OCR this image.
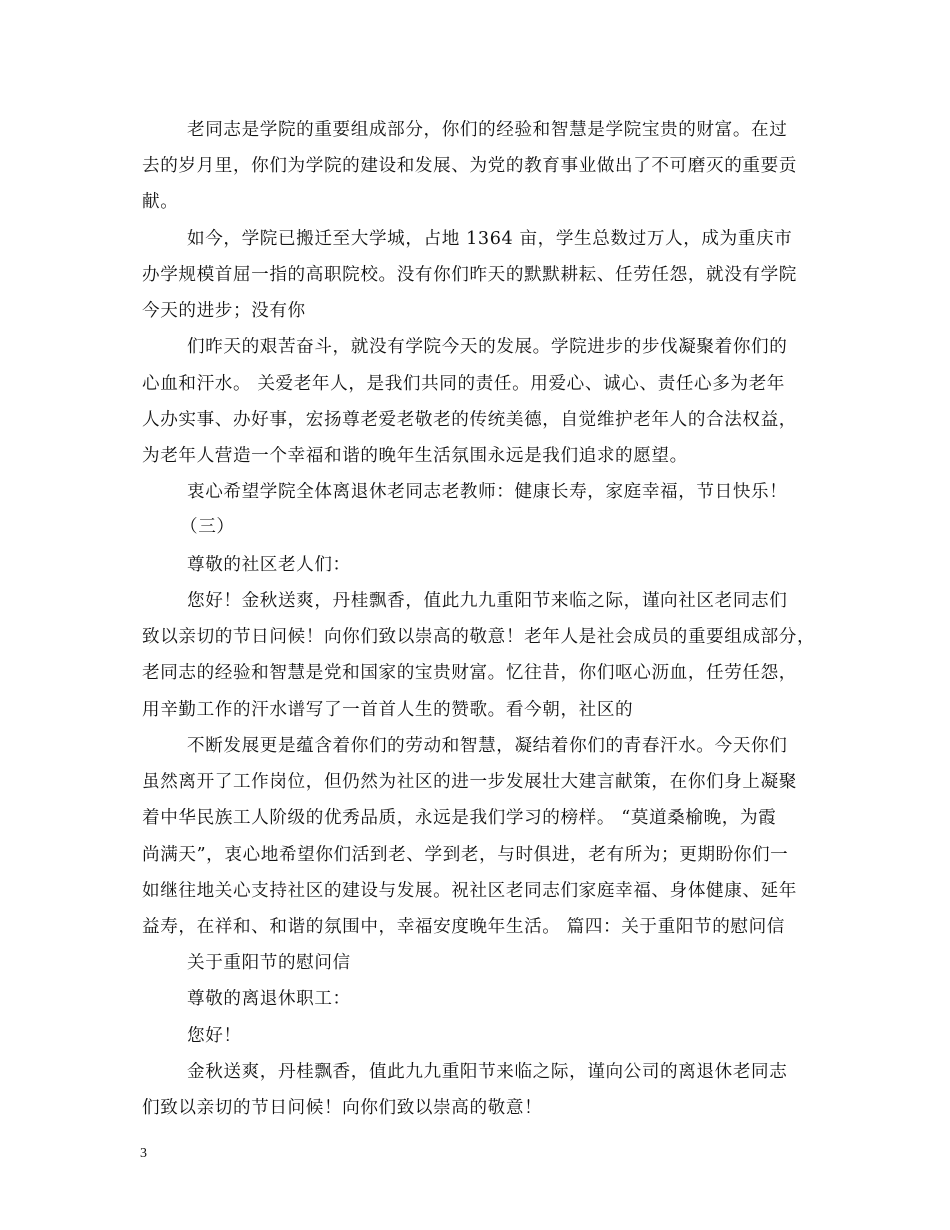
老同志是学院的重要组成部分，你们的经验和智慧是学院宝贵的财富。在过

去的岁月里，你们为学院的建设和发展、为党的教育事业做出了不可磨灭的重要贡

献。

如今，学院已搬迁至大学城，占地 1364 亩，学生总数过万人，成为重庆市

办学规模首屈一指的高职院校。没有你们昨天的默默耕耘、任劳任怨，就没有学院

今天的进步；没有你

们昨天的艰苦奋斗，就没有学院今天的发展。学院进步的步伐凝聚着你们的

心血和汗水。 关爱老年人，是我们共同的责任。用爱心、诚心、责任心多为老年

人办实事、办好事，宏扬尊老爱老敬老的传统美德，自觉维护老年人的合法权益，

为老年人营造一个幸福和谐的晚年生活氛围永远是我们追求的愿望。

衷心希望学院全体离退休老同志老教师：健康长寿，家庭幸福，节日快乐！

（三）

尊敬的社区老人们：

您好！金秋送爽，丹桂飘香，值此九九重阳节来临之际，谨向社区老同志们

致以亲切的节日问候！向你们致以崇高的敬意！老年人是社会成员的重要组成部分，

老同志的经验和智慧是党和国家的宝贵财富。忆往昔，你们呕心沥血，任劳任怨，

用辛勤工作的汗水谱写了一首首人生的赞歌。看今朝，社区的

不断发展更是蕴含着你们的劳动和智慧，凝结着你们的青春汗水。今天你们

虽然离开了工作岗位，但仍然为社区的进一步发展壮大建言献策，在你们身上凝聚

着中华民族工人阶级的优秀品质，永远是我们学习的榜样。 “莫道桑榆晚，为霞

尚满天”，衷心地希望你们活到老、学到老，与时俱进，老有所为；更期盼你们一

如继往地关心支持社区的建设与发展。祝社区老同志们家庭幸福、身体健康、延年

益寿，在祥和、和谐的氛围中，幸福安度晚年生活。 篇四：关于重阳节的慰问信

关于重阳节的慰问信

尊敬的离退休职工：

您好！

金秋送爽，丹桂飘香，值此九九重阳节来临之际，谨向公司的离退休老同志

们致以亲切的节日问候！向你们致以崇高的敬意！

3
